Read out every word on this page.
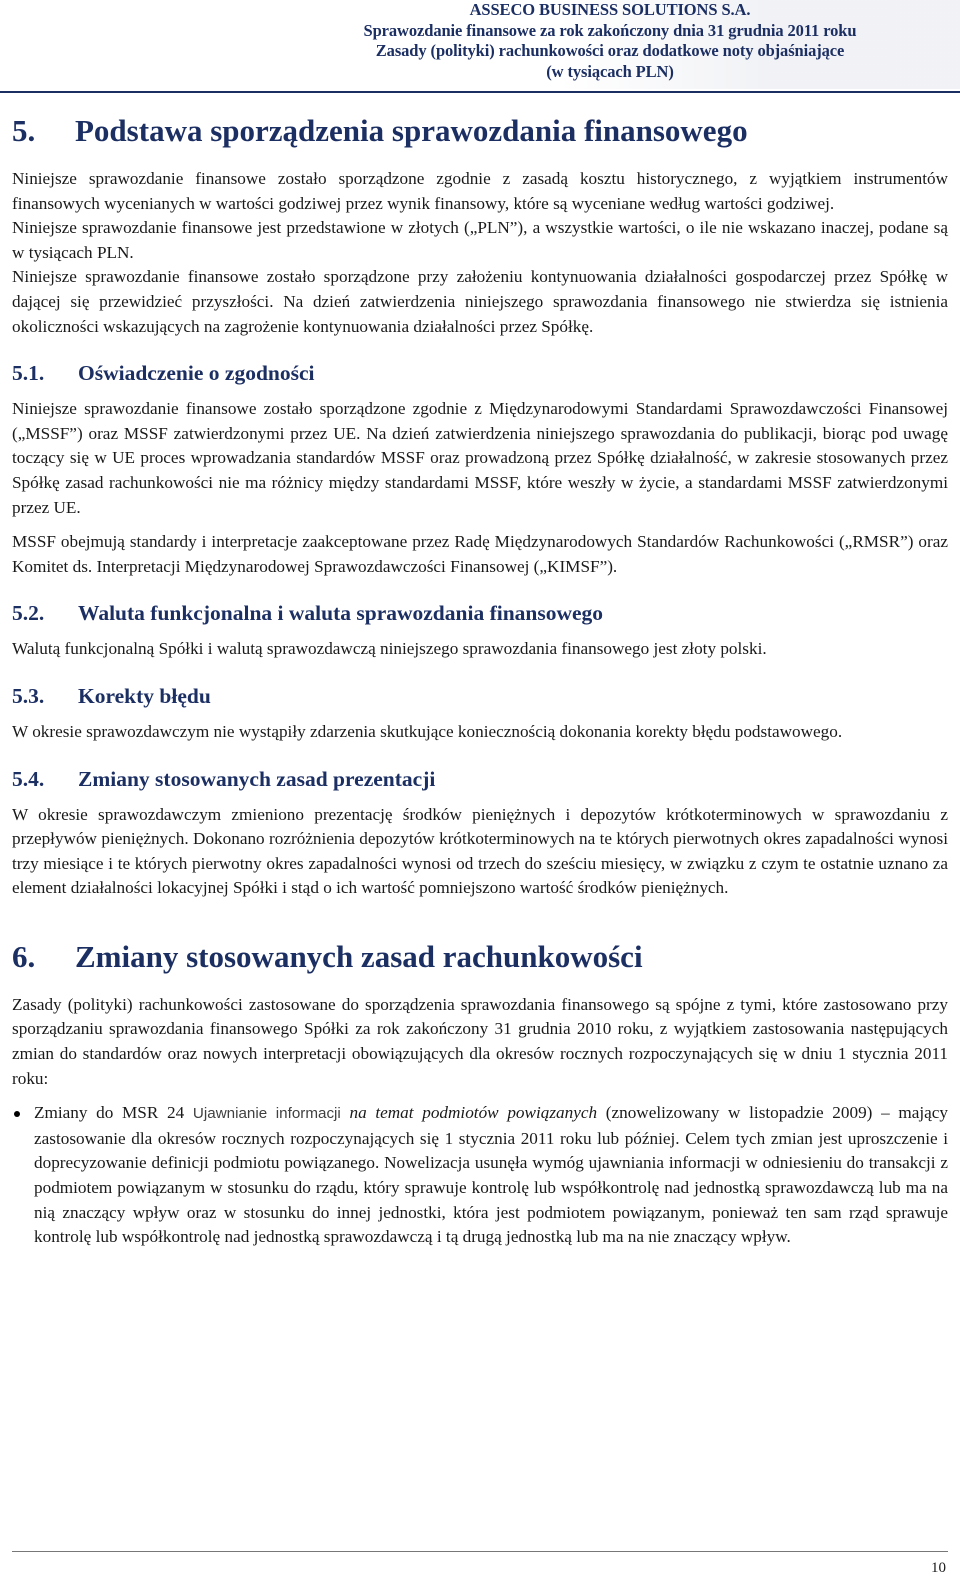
ASSECO BUSINESS SOLUTIONS S.A.
Sprawozdanie finansowe za rok zakończony dnia 31 grudnia 2011 roku
Zasady (polityki) rachunkowości oraz dodatkowe noty objaśniające
(w tysiącach PLN)
5. Podstawa sporządzenia sprawozdania finansowego

Niniejsze sprawozdanie finansowe zostało sporządzone zgodnie z zasadą kosztu historycznego, z wyjątkiem instrumentów finansowych wycenianych w wartości godziwej przez wynik finansowy, które są wyceniane według wartości godziwej.

Niniejsze sprawozdanie finansowe jest przedstawione w złotych („PLN”), a wszystkie wartości, o ile nie wskazano inaczej, podane są w tysiącach PLN.

Niniejsze sprawozdanie finansowe zostało sporządzone przy założeniu kontynuowania działalności gospodarczej przez Spółkę w dającej się przewidzieć przyszłości. Na dzień zatwierdzenia niniejszego sprawozdania finansowego nie stwierdza się istnienia okoliczności wskazujących na zagrożenie kontynuowania działalności przez Spółkę.

5.1. Oświadczenie o zgodności

Niniejsze sprawozdanie finansowe zostało sporządzone zgodnie z Międzynarodowymi Standardami Sprawozdawczości Finansowej („MSSF”) oraz MSSF zatwierdzonymi przez UE. Na dzień zatwierdzenia niniejszego sprawozdania do publikacji, biorąc pod uwagę toczący się w UE proces wprowadzania standardów MSSF oraz prowadzoną przez Spółkę działalność, w zakresie stosowanych przez Spółkę zasad rachunkowości nie ma różnicy między standardami MSSF, które weszły w życie, a standardami MSSF zatwierdzonymi przez UE.

MSSF obejmują standardy i interpretacje zaakceptowane przez Radę Międzynarodowych Standardów Rachunkowości („RMSR”) oraz Komitet ds. Interpretacji Międzynarodowej Sprawozdawczości Finansowej („KIMSF”).

5.2. Waluta funkcjonalna i waluta sprawozdania finansowego

Walutą funkcjonalną Spółki i walutą sprawozdawczą niniejszego sprawozdania finansowego jest złoty polski.

5.3. Korekty błędu

W okresie sprawozdawczym nie wystąpiły zdarzenia skutkujące koniecznością dokonania korekty błędu podstawowego.

5.4. Zmiany stosowanych zasad prezentacji

W okresie sprawozdawczym zmieniono prezentację środków pieniężnych i depozytów krótkoterminowych w sprawozdaniu z przepływów pieniężnych. Dokonano rozróżnienia depozytów krótkoterminowych na te których pierwotnych okres zapadalności wynosi trzy miesiące i te których pierwotny okres zapadalności wynosi od trzech do sześciu miesięcy, w związku z czym te ostatnie uznano za element działalności lokacyjnej Spółki i stąd o ich wartość pomniejszono wartość środków pieniężnych.

6. Zmiany stosowanych zasad rachunkowości

Zasady (polityki) rachunkowości zastosowane do sporządzenia sprawozdania finansowego są spójne z tymi, które zastosowano przy sporządzaniu sprawozdania finansowego Spółki za rok zakończony 31 grudnia 2010 roku, z wyjątkiem zastosowania następujących zmian do standardów oraz nowych interpretacji obowiązujących dla okresów rocznych rozpoczynających się w dniu 1 stycznia 2011 roku:

Zmiany do MSR 24 Ujawnianie informacji na temat podmiotów powiązanych (znowelizowany w listopadzie 2009) – mający zastosowanie dla okresów rocznych rozpoczynających się 1 stycznia 2011 roku lub później. Celem tych zmian jest uproszczenie i doprecyzowanie definicji podmiotu powiązanego. Nowelizacja usunęła wymóg ujawniania informacji w odniesieniu do transakcji z podmiotem powiązanym w stosunku do rządu, który sprawuje kontrolę lub współkontrolę nad jednostką sprawozdawczą lub ma na nią znaczący wpływ oraz w stosunku do innej jednostki, która jest podmiotem powiązanym, ponieważ ten sam rząd sprawuje kontrolę lub współkontrolę nad jednostką sprawozdawczą i tą drugą jednostką lub ma na nie znaczący wpływ.

10
